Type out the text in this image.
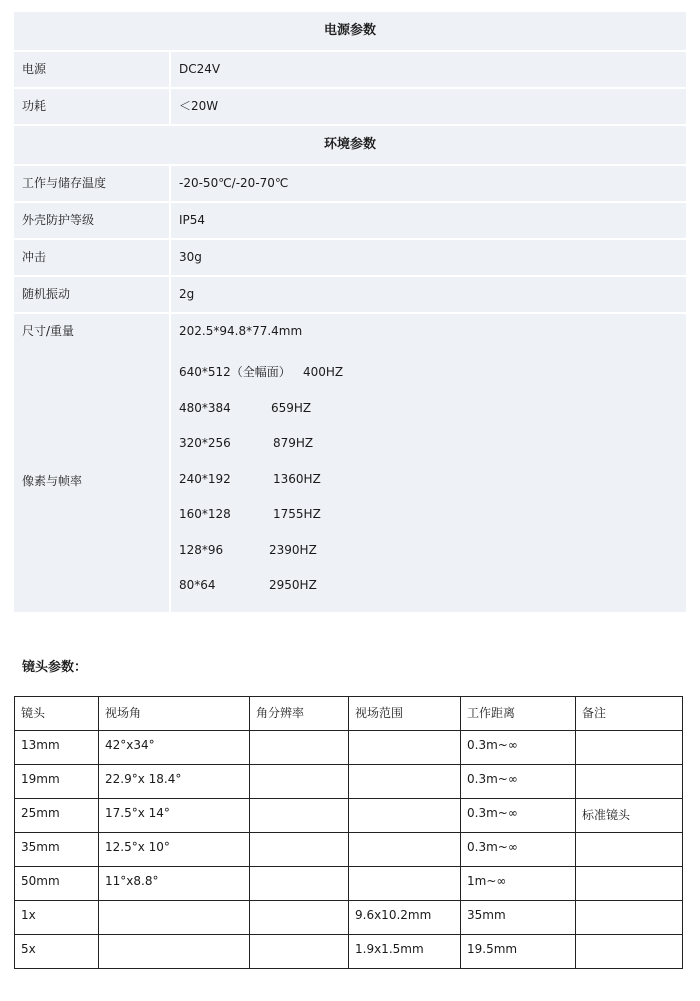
电源参数
电源	DC24V
功耗	＜20W
环境参数
工作与储存温度	-20-50℃/-20-70℃
外壳防护等级	IP54
冲击	30g
随机振动	2g
尺寸/重量	202.5*94.8*77.4mm
像素与帧率
640*512（全幅面）	400HZ
480*384	659HZ
320*256	879HZ
240*192	1360HZ
160*128	1755HZ
128*96	2390HZ
80*64	2950HZ
镜头参数：
镜头	视场角	角分辨率	视场范围	工作距离	备注
13mm	42°x34°			0.3m~∞	
19mm	22.9°x 18.4°			0.3m~∞	
25mm	17.5°x 14°			0.3m~∞	标准镜头
35mm	12.5°x 10°			0.3m~∞	
50mm	11°x8.8°			1m~∞	
1x			9.6x10.2mm	35mm	
5x			1.9x1.5mm	19.5mm	
